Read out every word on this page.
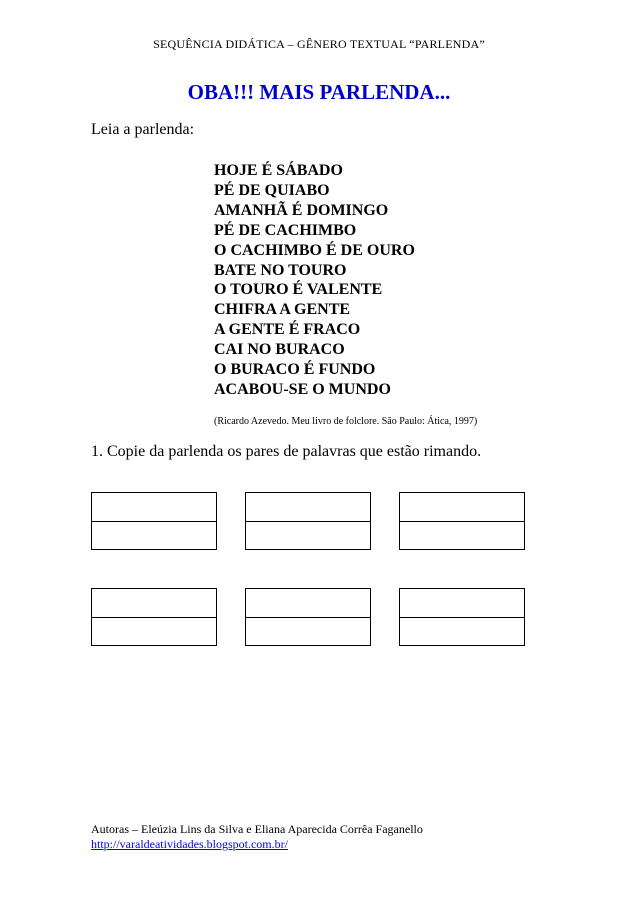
SEQUÊNCIA DIDÁTICA – GÊNERO TEXTUAL “PARLENDA”
OBA!!! MAIS PARLENDA...
Leia a parlenda:
HOJE É SÁBADO
PÉ DE QUIABO
AMANHÃ É DOMINGO
PÉ DE CACHIMBO
O CACHIMBO É DE OURO
BATE NO TOURO
O TOURO É VALENTE
CHIFRA A GENTE
A GENTE É FRACO
CAI NO BURACO
O BURACO É FUNDO
ACABOU-SE O MUNDO
(Ricardo Azevedo. Meu livro de folclore. São Paulo: Ática, 1997)
1. Copie da parlenda os pares de palavras que estão rimando.
Autoras – Eleúzia Lins da Silva e Eliana Aparecida Corrêa Faganello
http://varaldeatividades.blogspot.com.br/
